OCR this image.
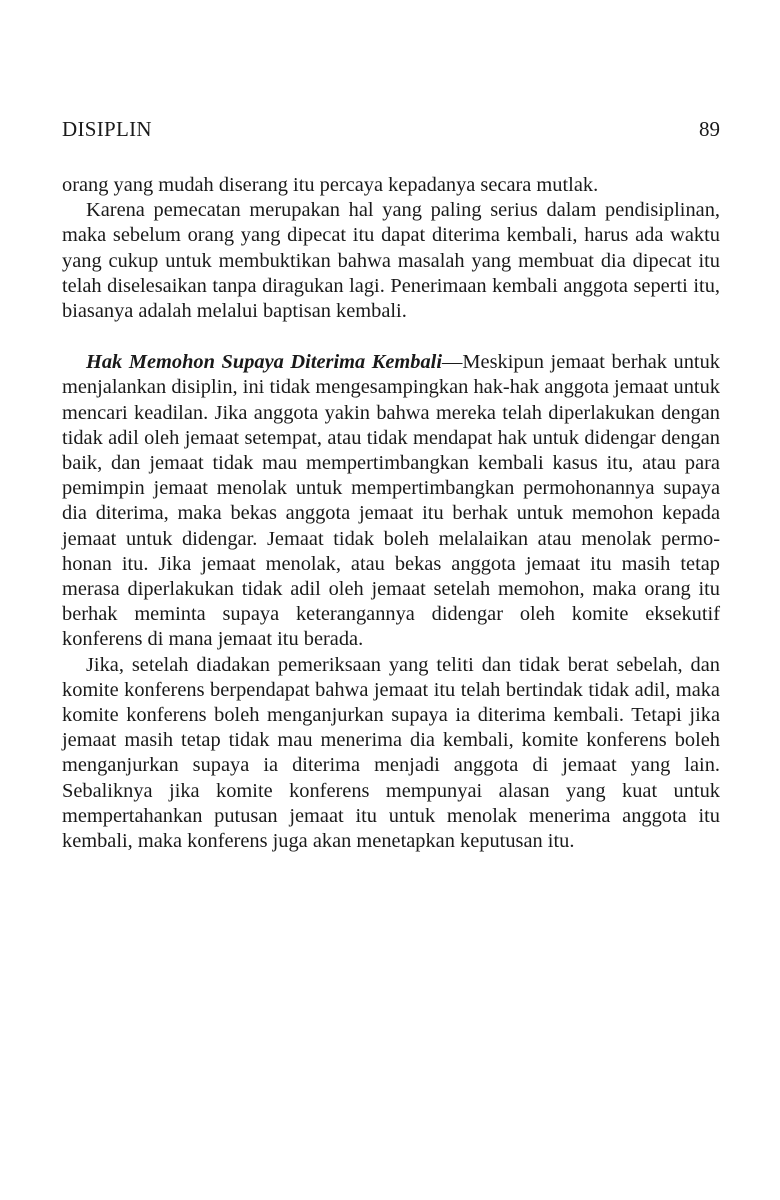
DISIPLIN	89

orang yang mudah diserang itu percaya kepadanya secara mutlak.

Karena pemecatan merupakan hal yang paling serius dalam pendisiplinan, maka sebelum orang yang dipecat itu dapat diterima kembali, harus ada waktu yang cukup untuk membuktikan bahwa masalah yang membuat dia dipecat itu telah diselesaikan tanpa diragukan lagi. Penerimaan kembali anggota seperti itu, biasanya adalah melalui baptisan kembali.

Hak Memohon Supaya Diterima Kembali—Meskipun jemaat berhak untuk menjalankan disiplin, ini tidak mengesampingkan hak-hak anggota jemaat untuk mencari keadilan. Jika anggota yakin bahwa mereka telah diperlakukan dengan tidak adil oleh jemaat setempat, atau tidak mendapat hak untuk didengar dengan baik, dan jemaat tidak mau mempertimbangkan kembali kasus itu, atau para pemimpin jemaat menolak untuk mempertimbangkan permohonannya supaya dia diterima, maka bekas anggota jemaat itu berhak untuk memohon kepada jemaat untuk didengar. Jemaat tidak boleh melalaikan atau menolak permohonan itu. Jika jemaat menolak, atau bekas anggota jemaat itu masih tetap merasa diperlakukan tidak adil oleh jemaat setelah memohon, maka orang itu berhak meminta supaya keterangannya didengar oleh komite eksekutif konferens di mana jemaat itu berada.

Jika, setelah diadakan pemeriksaan yang teliti dan tidak berat sebelah, dan komite konferens berpendapat bahwa jemaat itu telah bertindak tidak adil, maka komite konferens boleh menganjurkan supaya ia diterima kembali. Tetapi jika jemaat masih tetap tidak mau menerima dia kembali, komite konferens boleh menganjurkan supaya ia diterima menjadi anggota di jemaat yang lain. Sebaliknya jika komite konferens mempunyai alasan yang kuat untuk mempertahankan putusan jemaat itu untuk menolak menerima anggota itu kembali, maka konferens juga akan menetapkan keputusan itu.
